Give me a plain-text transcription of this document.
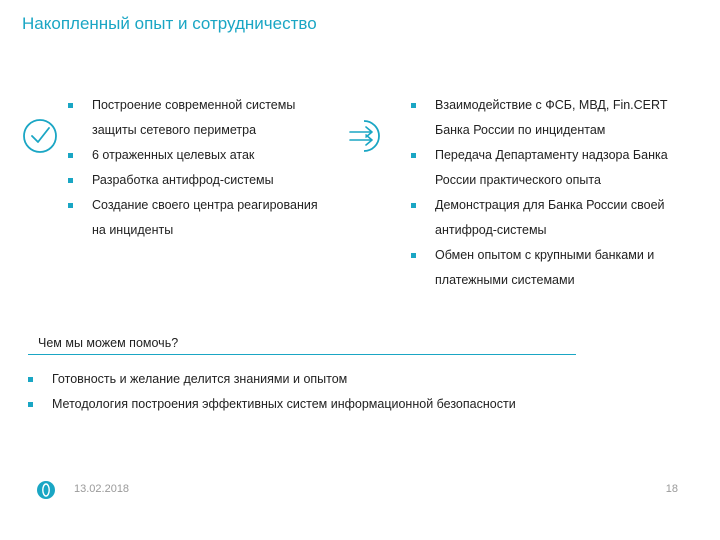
Накопленный опыт и сотрудничество
Построение современной системы
защиты сетевого периметра
6 отраженных целевых атак
Разработка антифрод-системы
Создание своего центра реагирования
на инциденты
Взаимодействие с ФСБ, МВД, Fin.CERT
Банка России по инцидентам
Передача Департаменту надзора Банка
России практического опыта
Демонстрация для Банка России своей
антифрод-системы
Обмен опытом с крупными банками и
платежными системами
Чем мы можем помочь?
Готовность и желание делится знаниями и опытом
Методология построения эффективных систем информационной безопасности
13.02.2018	18
